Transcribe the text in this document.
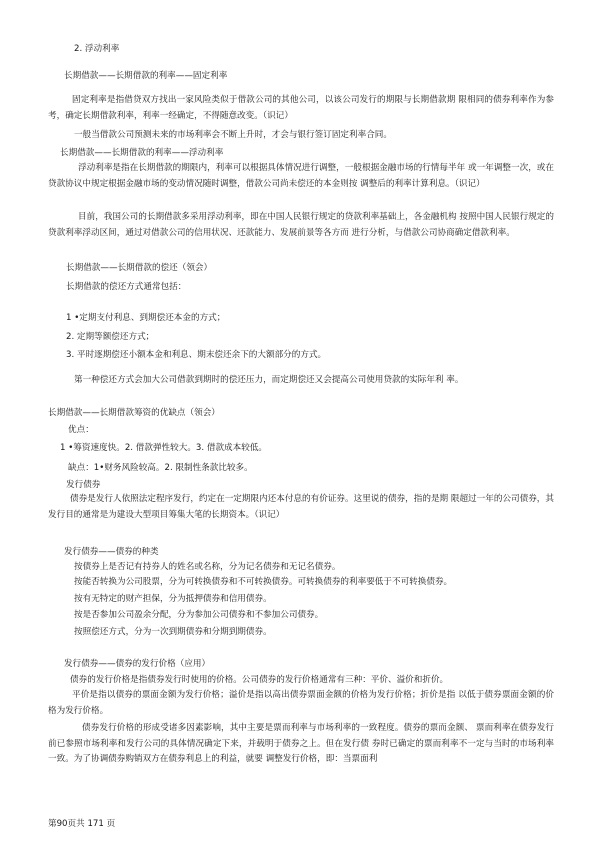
2. 浮动利率
长期借款——长期借款的利率——固定利率
固定利率是指借贷双方找出一家风险类似于借款公司的其他公司，以该公司发行的期限与长期借款期 限相同的债券利率作为参考，确定长期借款利率，利率一经确定，不得随意改变。（识记）
一般当借款公司预测未来的市场利率会不断上升时，才会与银行签订固定利率合同。
长期借款——长期借款的利率——浮动利率
浮动利率是指在长期借款的期限内，利率可以根据具体情况进行调整，一般根据金融市场的行情每半年 或一年调整一次，或在贷款协议中规定根据金融市场的变动情况随时调整，借款公司尚未偿还的本金则按 调整后的利率计算利息。（识记）
目前，我国公司的长期借款多采用浮动利率，即在中国人民银行规定的贷款利率基础上，各金融机构 按照中国人民银行规定的贷款利率浮动区间，通过对借款公司的信用状况、还款能力、发展前景等各方而 进行分析，与借款公司协商确定借款利率。
长期借款——长期借款的偿还（领会）
长期借款的偿还方式通常包括：
1 •定期支付利息、到期偿还本金的方式；
2. 定期等额偿还方式；
3. 平时逐期偿还小额本金和利息、期末偿还余下的大额部分的方式。
第一种偿还方式会加大公司借款到期时的偿还压力，而定期偿还又会提高公司使用贷款的实际年利 率。
长期借款——长期借款筹资的优缺点（领会）
优点：
1 •筹资速度快。2. 借款弹性较大。3. 借款成本较低。
缺点：1•财务风险较高。2. 限制性条款比较多。
发行债券
债券是发行人依照法定程序发行，约定在一定期限内还本付息的有价证券。这里说的债券，指的是期 限超过一年的公司债券，其发行目的通常是为建设大型项目筹集大笔的长期资本。（识记）
发行债券——债券的种类
按债券上是否记有持券人的姓名或名称，分为记名债券和无记名债券。
按能否转换为公司股票，分为可转换债券和不可转换债券。可转换债券的利率要低于不可转换债券。
按有无特定的财产担保，分为抵押债券和信用债券。
按是否参加公司盈余分配，分为参加公司债券和不参加公司债券。
按照偿还方式，分为一次到期债券和分期到期债券。
发行债券——债券的发行价格（应用）
债券的发行价格是指债券发行时使用的价格。公司债券的发行价格通常有三种：平价、溢价和折价。
平价是指以债券的票面金额为发行价格；溢价是指以高出债券票面金额的价格为发行价格；折价是指 以低于债券票面金额的价格为发行价格。
债券发行价格的形成受诸多因素影响，其中主要是票而利率与市场利率的一致程度。债券的票而金额、 票而利率在债券发行前已参照市场利率和发行公司的具体情况确定下来，并载明于债券之上。但在发行债 券时已确定的票而利率不一定与当时的市场利率一致。为了协调债券购销双方在债券利息上的利益，就要 调整发行价格，即：当票面利
第90页共 171 页
